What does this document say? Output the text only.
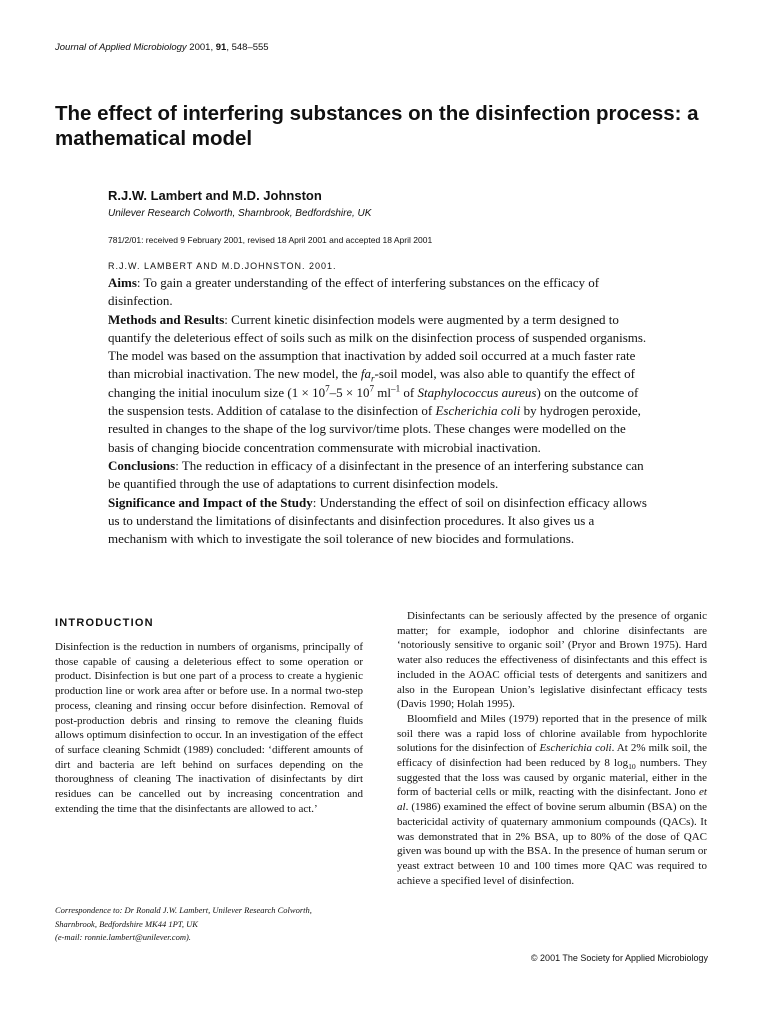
Journal of Applied Microbiology 2001, 91, 548–555
The effect of interfering substances on the disinfection process: a mathematical model
R.J.W. Lambert and M.D. Johnston
Unilever Research Colworth, Sharnbrook, Bedfordshire, UK
781/2/01: received 9 February 2001, revised 18 April 2001 and accepted 18 April 2001
R.J.W. LAMBERT AND M.D.JOHNSTON. 2001.

Aims: To gain a greater understanding of the effect of interfering substances on the efficacy of disinfection.

Methods and Results: Current kinetic disinfection models were augmented by a term designed to quantify the deleterious effect of soils such as milk on the disinfection process of suspended organisms. The model was based on the assumption that inactivation by added soil occurred at a much faster rate than microbial inactivation. The new model, the $fa_r$-soil model, was also able to quantify the effect of changing the initial inoculum size ($1 \times 10^7-5 \times 10^7$ $ml^{-1}$ of Staphylococcus aureus) on the outcome of the suspension tests. Addition of catalase to the disinfection of Escherichia coli by hydrogen peroxide, resulted in changes to the shape of the log survivor/time plots. These changes were modelled on the basis of changing biocide concentration commensurate with microbial inactivation.

Conclusions: The reduction in efficacy of a disinfectant in the presence of an interfering substance can be quantified through the use of adaptations to current disinfection models.

Significance and Impact of the Study: Understanding the effect of soil on disinfection efficacy allows us to understand the limitations of disinfectants and disinfection procedures. It also gives us a mechanism with which to investigate the soil tolerance of new biocides and formulations.

INTRODUCTION

Disinfection is the reduction in numbers of organisms, principally of those capable of causing a deleterious effect to some operation or product. Disinfection is but one part of a process to create a hygienic production line or work area after or before use. In a normal two-step process, cleaning and rinsing occur before disinfection. Removal of post-production debris and rinsing to remove the cleaning fluids allows optimum disinfection to occur. In an investigation of the effect of surface cleaning Schmidt (1989) concluded: ‘different amounts of dirt and bacteria are left behind on surfaces depending on the thoroughness of cleaning The inactivation of disinfectants by dirt residues can be cancelled out by increasing concentration and extending the time that the disinfectants are allowed to act.’

Correspondence to: Dr Ronald J.W. Lambert, Unilever Research Colworth,
Sharnbrook, Bedfordshire MK44 1PT, UK
(e-mail: ronnie.lambert@unilever.com).

Disinfectants can be seriously affected by the presence of organic matter; for example, iodophor and chlorine disinfectants are ‘notoriously sensitive to organic soil’ (Pryor and Brown 1975). Hard water also reduces the effectiveness of disinfectants and this effect is included in the AOAC official tests of detergents and sanitizers and also in the European Union’s legislative disinfectant efficacy tests (Davis 1990; Holah 1995).

Bloomfield and Miles (1979) reported that in the presence of milk soil there was a rapid loss of chlorine available from hypochlorite solutions for the disinfection of Escherichia coli. At 2% milk soil, the efficacy of disinfection had been reduced by 8 $\log_{10}$ numbers. They suggested that the loss was caused by organic material, either in the form of bacterial cells or milk, reacting with the disinfectant. Jono et al. (1986) examined the effect of bovine serum albumin (BSA) on the bactericidal activity of quaternary ammonium compounds (QACs). It was demonstrated that in 2% BSA, up to 80% of the dose of QAC given was bound up with the BSA. In the presence of human serum or yeast extract between 10 and 100 times more QAC was required to achieve a specified level of disinfection.

© 2001 The Society for Applied Microbiology
